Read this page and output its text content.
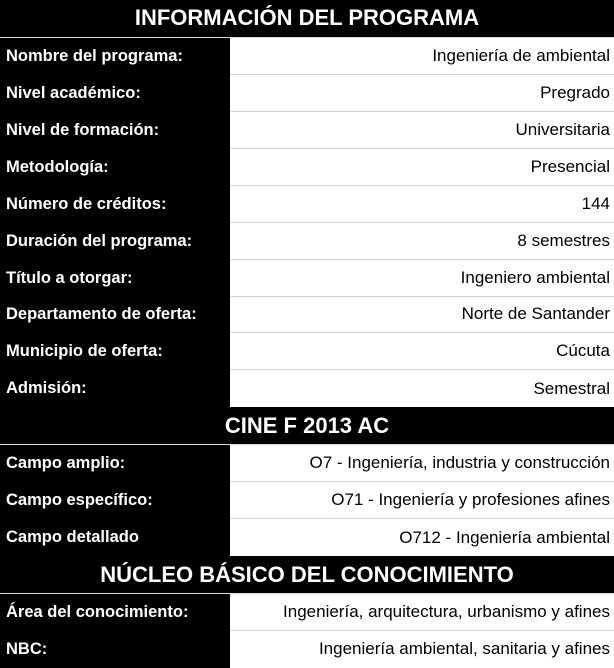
INFORMACIÓN DEL PROGRAMA
Nombre del programa:	Ingeniería de ambiental
Nivel académico:	Pregrado
Nivel de formación:	Universitaria
Metodología:	Presencial
Número de créditos:	144
Duración del programa:	8 semestres
Título a otorgar:	Ingeniero ambiental
Departamento de oferta:	Norte de Santander
Municipio de oferta:	Cúcuta
Admisión:	Semestral
CINE F 2013 AC
Campo amplio:	O7 - Ingeniería, industria y construcción
Campo específico:	O71 - Ingeniería y profesiones afines
Campo detallado	O712 - Ingeniería ambiental
NÚCLEO BÁSICO DEL CONOCIMIENTO
Área del conocimiento:	Ingeniería, arquitectura, urbanismo y afines
NBC:	Ingeniería ambiental, sanitaria y afines
